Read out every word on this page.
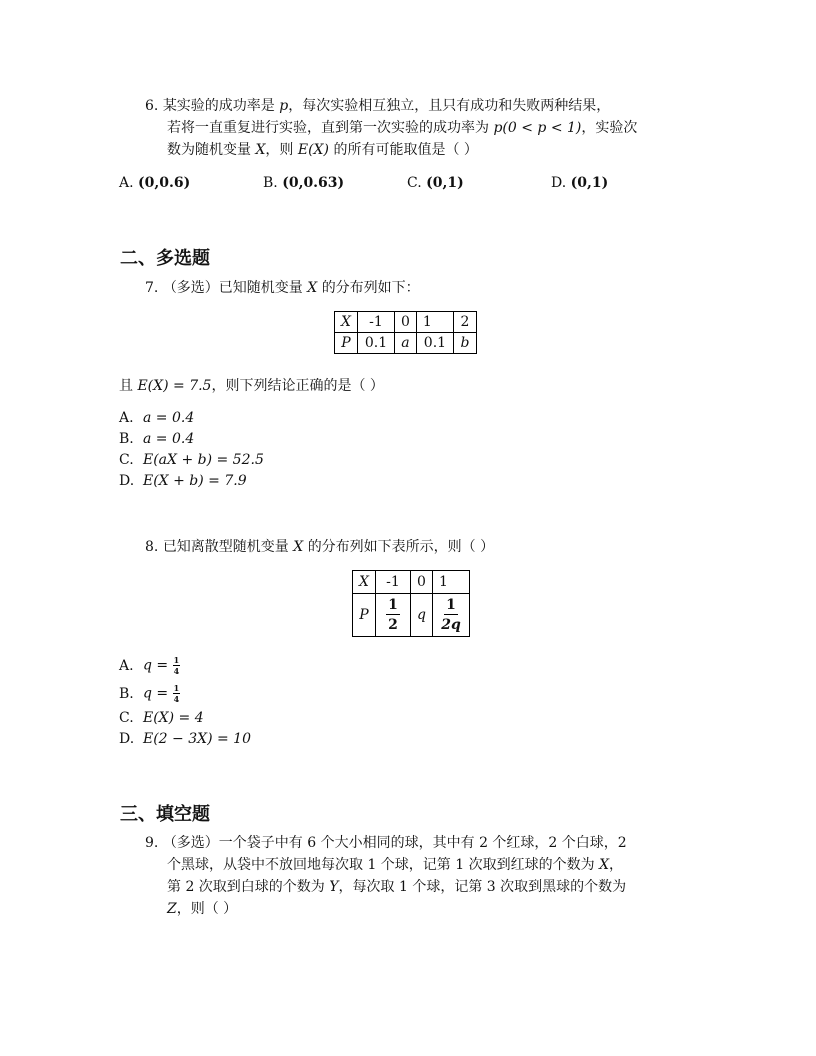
6. 某实验的成功率是 p，每次实验相互独立，且只有成功和失败两种结果，
若将一直重复进行实验，直到第一次实验的成功率为 p(0 < p < 1)，实验次
数为随机变量 X，则 E(X) 的所有可能取值是（ ）
A. (0,0.6)	B. (0,0.63)	C. (0,1)	D. (0,1)
二、多选题
7. （多选）已知随机变量 X 的分布列如下：
X	-1	0	1	2
P	0.1	a	0.1	b
且 E(X) = 7.5，则下列结论正确的是（ ）
A. a = 0.4
B. a = 0.4
C. E(aX + b) = 52.5
D. E(X + b) = 7.9
8. 已知离散型随机变量 X 的分布列如下表所示，则（ ）
X	-1	0	1
P	$\frac{1}{2}$	q	$\frac{1}{2q}$
A. $q = \frac{1}{4}$
B. $q = \frac{1}{4}$
C. E(X) = 4
D. E(2 − 3X) = 10
三、填空题
9. （多选）一个袋子中有 6 个大小相同的球，其中有 2 个红球，2 个白球，2
个黑球，从袋中不放回地每次取 1 个球，记第 1 次取到红球的个数为 X，
第 2 次取到白球的个数为 Y，每次取 1 个球，记第 3 次取到黑球的个数为
Z，则（ ）
